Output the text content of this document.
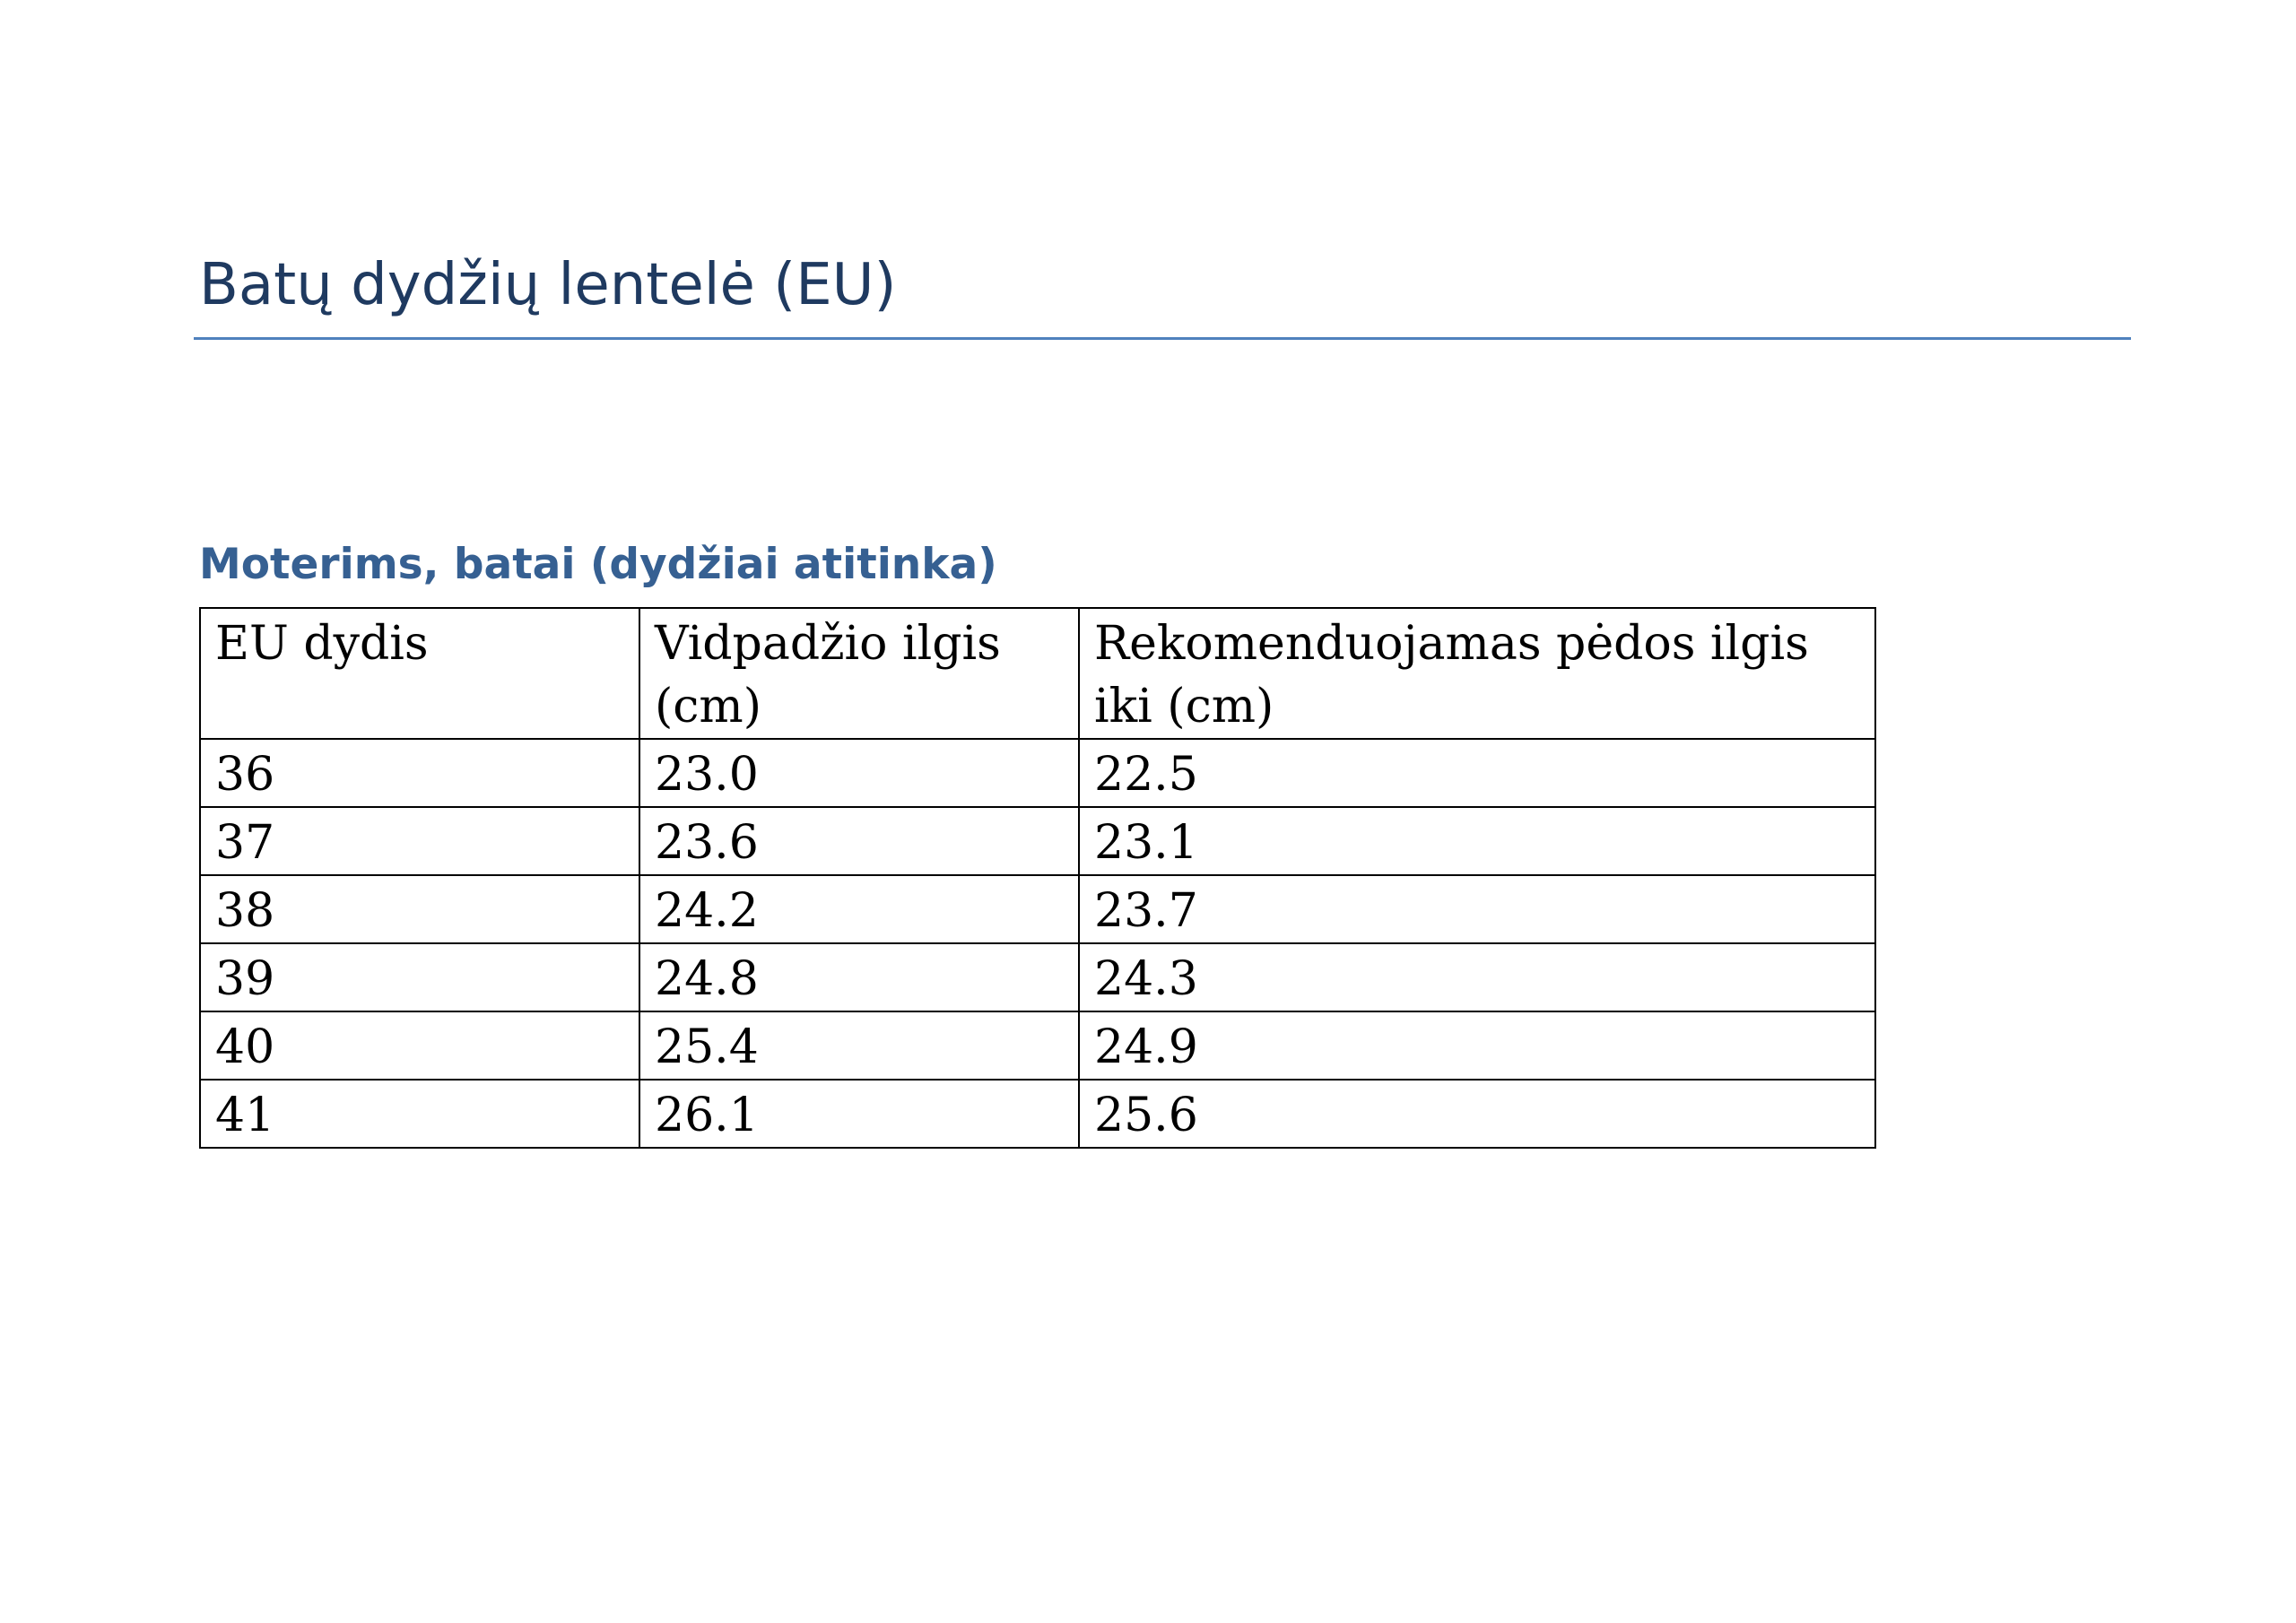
Batų dydžių lentelė (EU)
Moterims, batai (dydžiai atitinka)
EU dydis	Vidpadžio ilgis (cm)	Rekomenduojamas pėdos ilgis iki (cm)
36	23.0	22.5
37	23.6	23.1
38	24.2	23.7
39	24.8	24.3
40	25.4	24.9
41	26.1	25.6
